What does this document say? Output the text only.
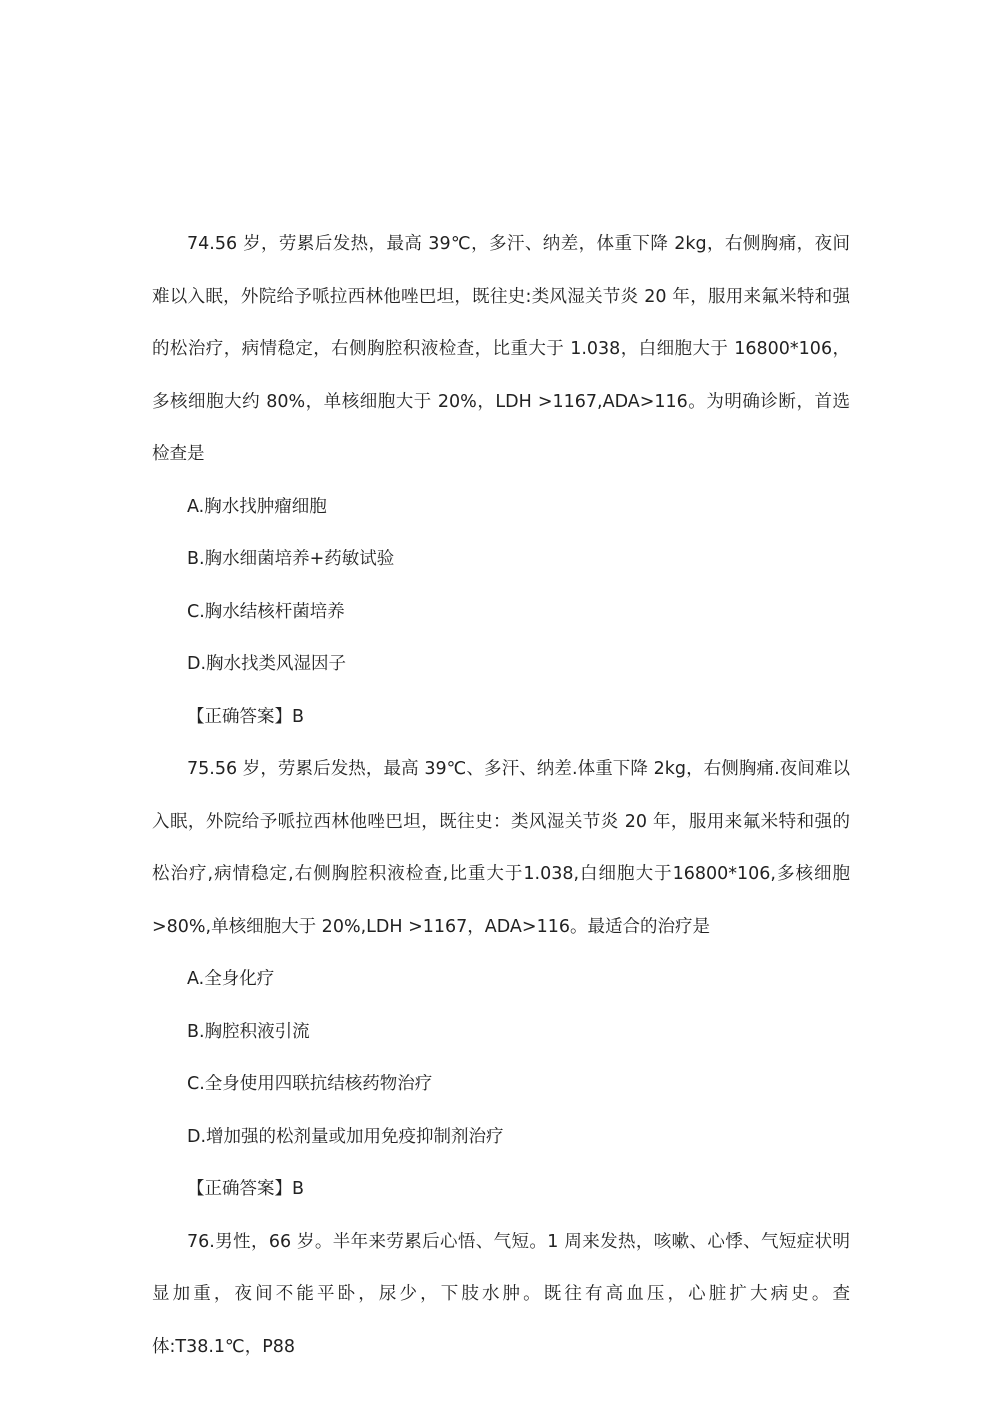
74.56 岁，劳累后发热，最高 39℃，多汗、纳差，体重下降 2kg，右侧胸痛，夜间难以入眠，外院给予哌拉西林他唑巴坦，既往史:类风湿关节炎 20 年，服用来氟米特和强的松治疗，病情稳定，右侧胸腔积液检查，比重大于 1.038，白细胞大于 16800*106，多核细胞大约 80%，单核细胞大于 20%，LDH >1167,ADA>116。为明确诊断，首选检查是

A.胸水找肿瘤细胞

B.胸水细菌培养+药敏试验

C.胸水结核杆菌培养

D.胸水找类风湿因子

【正确答案】B

75.56 岁，劳累后发热，最高 39℃、多汗、纳差.体重下降 2kg，右侧胸痛.夜间难以入眠，外院给予哌拉西林他唑巴坦，既往史：类风湿关节炎 20 年，服用来氟米特和强的松治疗,病情稳定,右侧胸腔积液检查,比重大于1.038,白细胞大于16800*106,多核细胞>80%,单核细胞大于 20%,LDH >1167，ADA>116。最适合的治疗是

A.全身化疗

B.胸腔积液引流

C.全身使用四联抗结核药物治疗

D.增加强的松剂量或加用免疫抑制剂治疗

【正确答案】B

76.男性，66 岁。半年来劳累后心悟、气短。1 周来发热，咳嗽、心悸、气短症状明显加重，夜间不能平卧，尿少，下肢水肿。既往有高血压，心脏扩大病史。查体:T38.1℃，P88
